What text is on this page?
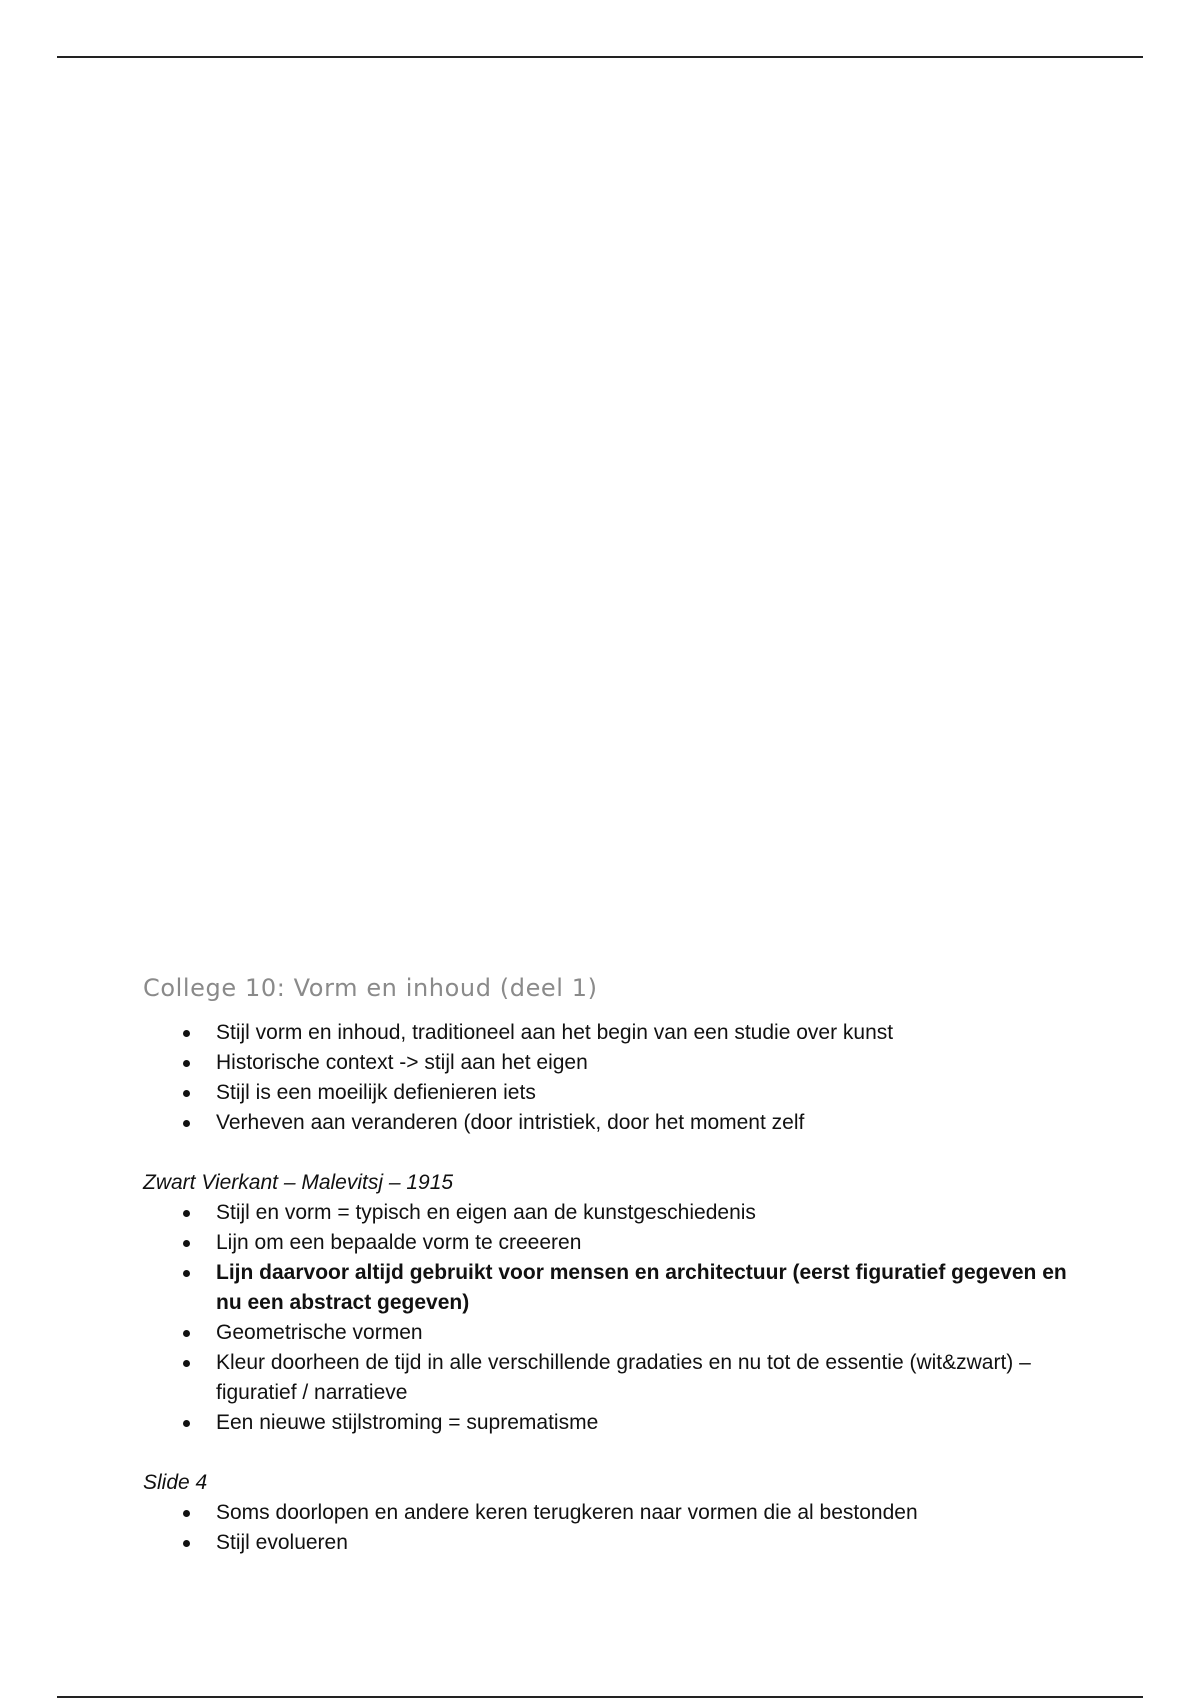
College 10: Vorm en inhoud (deel 1)
Stijl vorm en inhoud, traditioneel aan het begin van een studie over kunst
Historische context -> stijl aan het eigen
Stijl is een moeilijk defienieren iets
Verheven aan veranderen (door intristiek, door het moment zelf

Zwart Vierkant – Malevitsj – 1915

Stijl en vorm = typisch en eigen aan de kunstgeschiedenis
Lijn om een bepaalde vorm te creeeren
Lijn daarvoor altijd gebruikt voor mensen en architectuur (eerst figuratief gegeven en nu een abstract gegeven)
Geometrische vormen
Kleur doorheen de tijd in alle verschillende gradaties en nu tot de essentie (wit&zwart) – figuratief / narratieve
Een nieuwe stijlstroming = suprematisme

Slide 4

Soms doorlopen en andere keren terugkeren naar vormen die al bestonden
Stijl evolueren
